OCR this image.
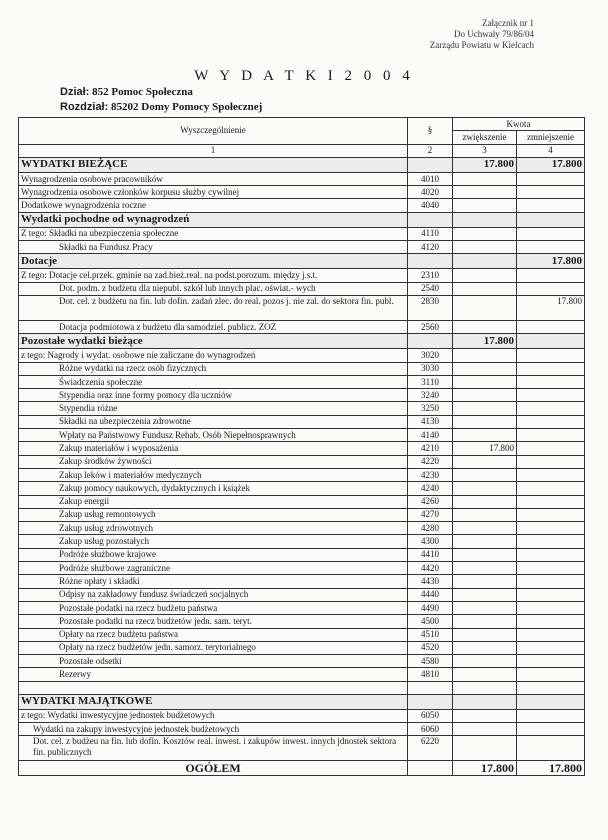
Załącznik nr 1
Do Uchwały 79/86/04
Zarządu Powiatu w Kielcach
W Y D A T K I 2 0 0 4
Dział: 852 Pomoc Społeczna
Rozdział: 85202 Domy Pomocy Społecznej
Wyszczególnienie	§	Kwota	
		zwiększenie	zmniejszenie
1	2	3	4
WYDATKI BIEŻĄCE		17.800	17.800
Wynagrodzenia osobowe pracowników	4010		
Wynagrodzenia osobowe członków korpusu służby cywilnej	4020		
Dodatkowe wynagrodzenia roczne	4040		
Wydatki pochodne od wynagrodzeń			
Z tego: Składki na ubezpieczenia społeczne	4110		
Składki na Fundusz Pracy	4120		
Dotacje			17.800
Z tego: Dotacje cel.przek. gminie na zad.bież.real. na podst.porozum. między j.s.t.	2310		
Dot. podm. z budżetu dla niepubl. szkół lub innych plac. oświat.- wych	2540		
Dot. cel. z budżetu na fin. lub dofin. zadań zlec. do real. pozos j. nie zal. do sektora fin. publ.	2830		17.800
Dotacja podmiotowa z budżetu dla samodziel. publicz. ZOZ	2560		
Pozostałe wydatki bieżące		17.800	
z tego: Nagrody i wydat. osobowe nie zaliczane do wynagrodzeń	3020		
Różne wydatki na rzecz osób fizycznych	3030		
Świadczenia społeczne	3110		
Stypendia oraz inne formy pomocy dla uczniów	3240		
Stypendia różne	3250		
Składki na ubezpieczenia zdrowotne	4130		
Wpłaty na Państwowy Fundusz Rehab. Osób Niepełnosprawnych	4140		
Zakup materiałów i wyposażenia	4210	17.800	
Zakup środków żywności	4220		
Zakup leków i materiałów medycznych	4230		
Zakup pomocy naukowych, dydaktycznych i książek	4240		
Zakup energii	4260		
Zakup usług remontowych	4270		
Zakup usług zdrowotnych	4280		
Zakup usług pozostałych	4300		
Podróże służbowe krajowe	4410		
Podróże służbowe zagraniczne	4420		
Różne opłaty i składki	4430		
Odpisy na zakładowy fundusz świadczeń socjalnych	4440		
Pozostałe podatki na rzecz budżetu państwa	4490		
Pozostałe podatki na rzecz budżetów jedn. sam. teryt.	4500		
Opłaty na rzecz budżetu państwa	4510		
Opłaty na rzecz budżetów jedn. samorz. terytorialnego	4520		
Pozostałe odsetki	4580		
Rezerwy	4810		

WYDATKI MAJĄTKOWE			
z tego: Wydatki inwestycyjne jednostek budżetowych	6050		
Wydatki na zakupy inwestycyjne jednostek budżetowych	6060		
Dot. cel. z budżeu na fin. lub dofin. Kosztów real. inwest. i zakupów inwest. innych jdnostek sektora fin. publicznych	6220		
OGÓŁEM		17.800	17.800
